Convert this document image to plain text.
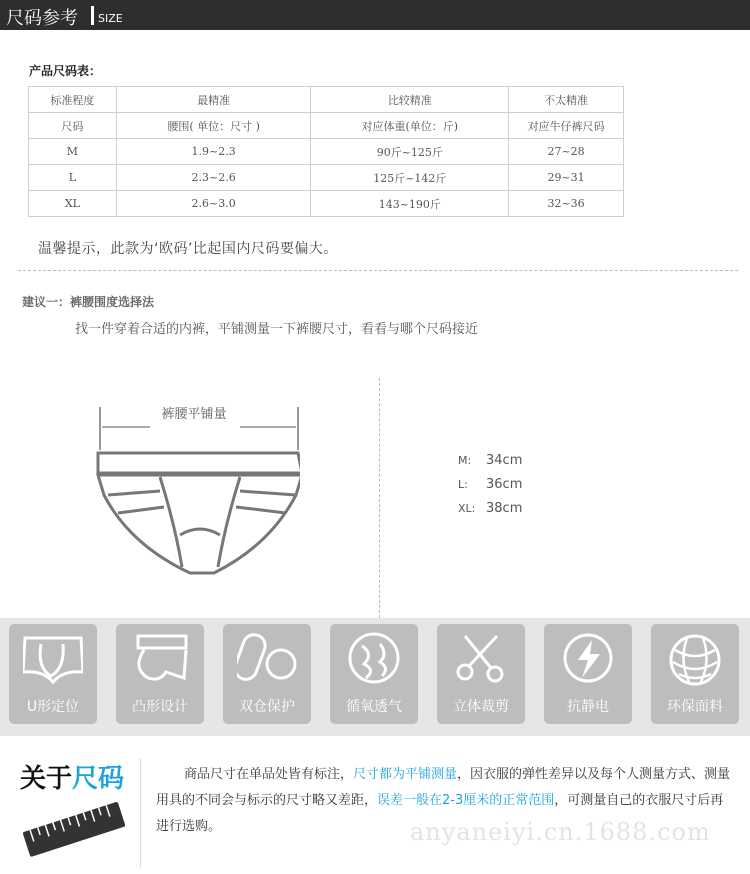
尺码参考 SIZE
产品尺码表：
标准程度	最精准	比较精准	不太精准
尺码	腰围( 单位：尺寸 )	对应体重(单位：斤)	对应牛仔裤尺码
M	1.9~2.3	90斤~125斤	27~28
L	2.3~2.6	125斤~142斤	29~31
XL	2.6~3.0	143~190斤	32~36
温馨提示，此款为‘欧码’比起国内尺码要偏大。
建议一：裤腰围度选择法
找一件穿着合适的内裤，平铺测量一下裤腰尺寸，看看与哪个尺码接近
裤腰平铺量
M: 34cm
L: 36cm
XL: 38cm
U形定位	凸形设计	双仓保护	循氧透气	立体裁剪	抗静电	环保面料
关于尺码	商品尺寸在单品处皆有标注，尺寸都为平铺测量，因衣服的弹性差异以及每个人测量方式、测量用具的不同会与标示的尺寸略又差距，误差一般在2-3厘米的正常范围，可测量自己的衣服尺寸后再进行选购。	anyaneiyi.cn.1688.com
